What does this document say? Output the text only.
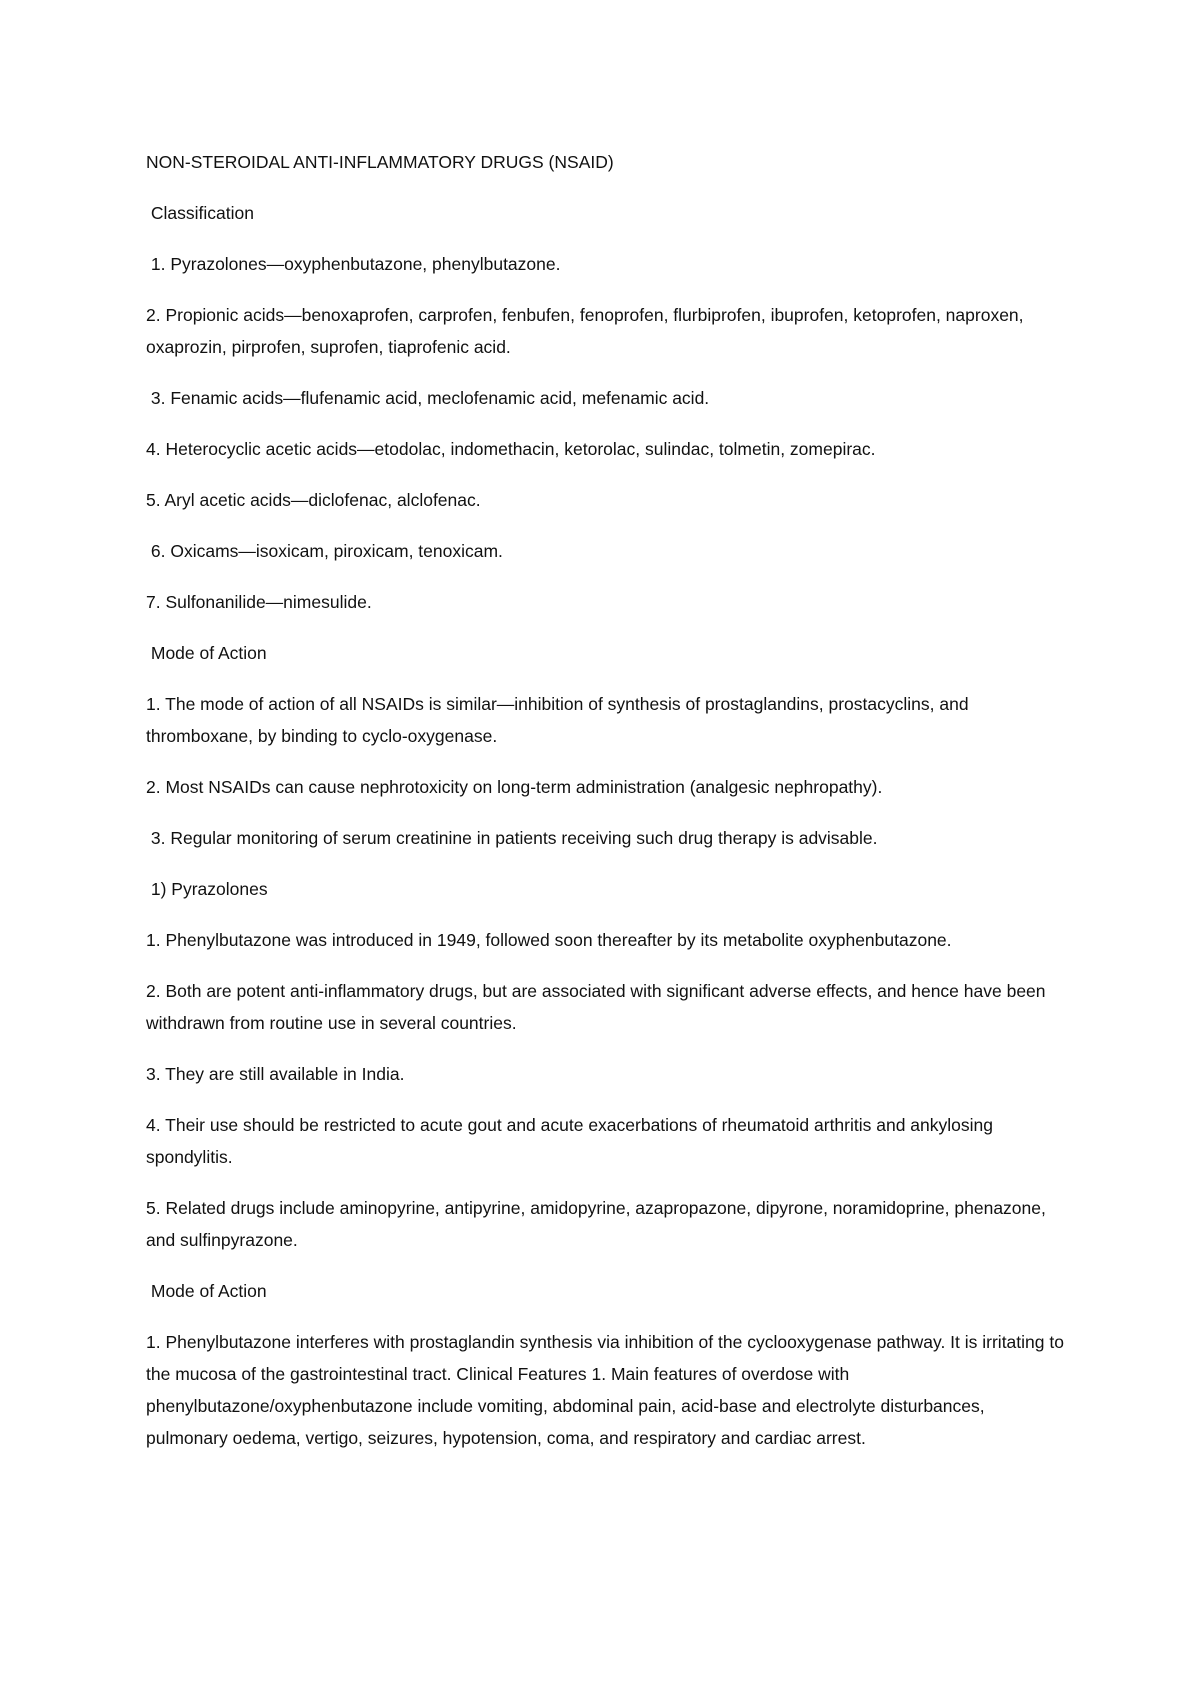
NON-STEROIDAL ANTI-INFLAMMATORY DRUGS (NSAID)

Classification

1. Pyrazolones—oxyphenbutazone, phenylbutazone.

2. Propionic acids—benoxaprofen, carprofen, fenbufen, fenoprofen, flurbiprofen, ibuprofen, ketoprofen, naproxen, oxaprozin, pirprofen, suprofen, tiaprofenic acid.

3. Fenamic acids—flufenamic acid, meclofenamic acid, mefenamic acid.

4. Heterocyclic acetic acids—etodolac, indomethacin, ketorolac, sulindac, tolmetin, zomepirac.

5. Aryl acetic acids—diclofenac, alclofenac.

6. Oxicams—isoxicam, piroxicam, tenoxicam.

7. Sulfonanilide—nimesulide.

Mode of Action

1. The mode of action of all NSAIDs is similar—inhibition of synthesis of prostaglandins, prostacyclins, and thromboxane, by binding to cyclo-oxygenase.

2. Most NSAIDs can cause nephrotoxicity on long-term administration (analgesic nephropathy).

3. Regular monitoring of serum creatinine in patients receiving such drug therapy is advisable.

1) Pyrazolones

1. Phenylbutazone was introduced in 1949, followed soon thereafter by its metabolite oxyphenbutazone.

2. Both are potent anti-inflammatory drugs, but are associated with significant adverse effects, and hence have been withdrawn from routine use in several countries.

3. They are still available in India.

4. Their use should be restricted to acute gout and acute exacerbations of rheumatoid arthritis and ankylosing spondylitis.

5. Related drugs include aminopyrine, antipyrine, amidopyrine, azapropazone, dipyrone, noramidoprine, phenazone, and sulfinpyrazone.

Mode of Action

1. Phenylbutazone interferes with prostaglandin synthesis via inhibition of the cyclooxygenase pathway. It is irritating to the mucosa of the gastrointestinal tract. Clinical Features 1. Main features of overdose with phenylbutazone/oxyphenbutazone include vomiting, abdominal pain, acid-base and electrolyte disturbances, pulmonary oedema, vertigo, seizures, hypotension, coma, and respiratory and cardiac arrest.
